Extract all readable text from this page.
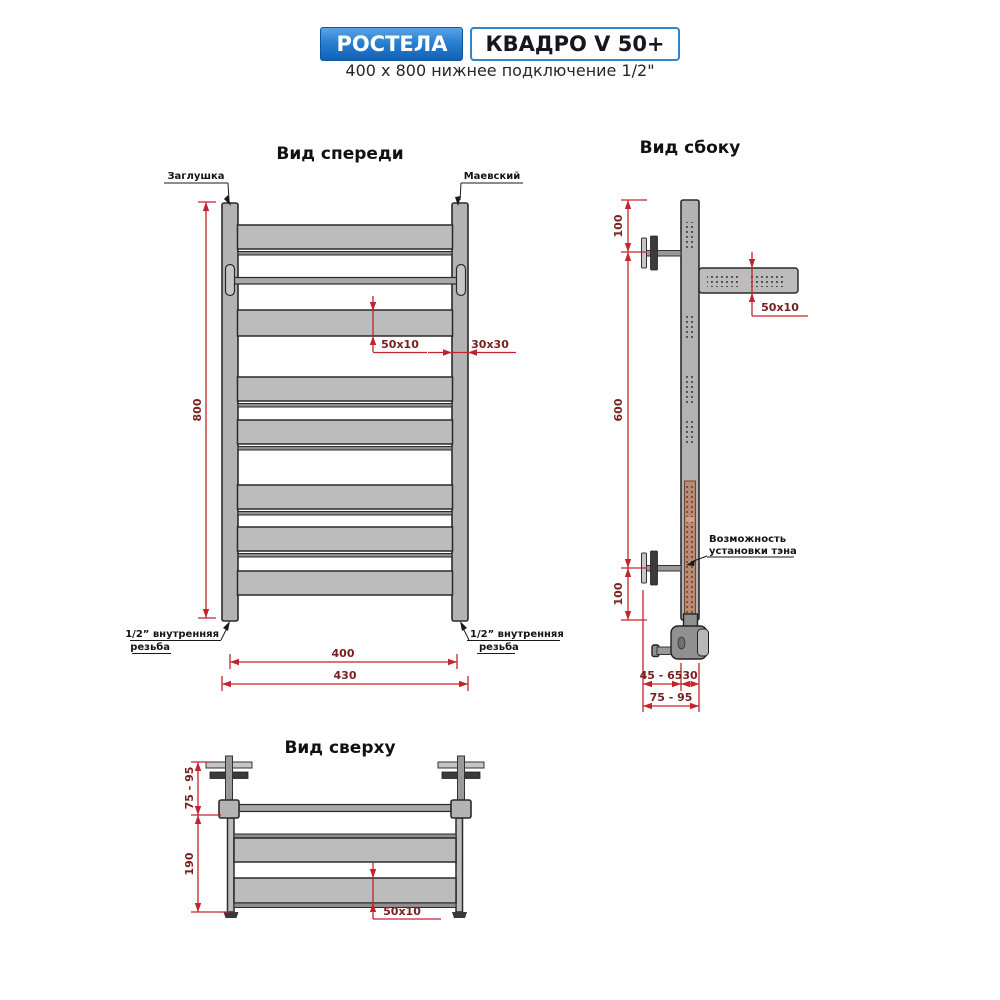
РОСТЕЛА	КВАДРО V 50+
400 x 800 нижнее подключение 1/2"
Вид спереди
Заглушка	Маевский
800
50x10	30x30
1/2” внутренняя
резьба
1/2” внутренняя
резьба
400
430
Вид сбоку
100
600
100
50x10
Возможность
установки тэна
45 - 65 30
75 - 95
Вид сверху
75 - 95
190
50x10
